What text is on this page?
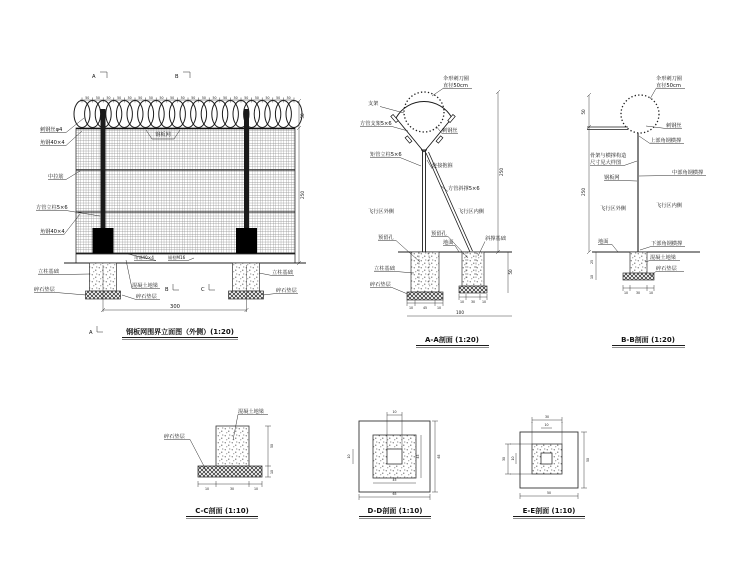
A	B
50 50 50 50 50 50 50 50 50 50 50 50 50 50 50 50 50 50 50 50
300
50
250
A
B	C
钢板网
刺钢丝φ4
角钢40×4
中拉筋
方管立柱5×6
角钢40×4
立柱基础
碎石垫层
立柱基础
碎石垫层
角钢40×4	锚栓M16
混凝土地梁
碎石垫层
钢板网围界立面图（外侧）(1:20)
250
50
10	45	10
10 30 10
100
伞形刺刀圈
直径50cm
支架
方管支架5×6
刺钢丝
矩管立柱5×6
连接抱箍
方管斜撑5×6
飞行区外侧	飞行区内侧
预留孔
预留孔
地面
斜撑基础
立柱基础
碎石垫层
A-A剖面 (1:20)
50
250
25
10
10 30	10
伞形刺刀圈
直径50cm
刺钢丝
上部角钢横撑
骨架与横撑构造
尺寸见大样图
钢板网
中部角钢横撑
飞行区外侧	飞行区内侧
地面	下部角钢横撑
混凝土地梁
碎石垫层
B-B剖面 (1:20)
混凝土地梁
碎石垫层
10	30	10
50
10
C-C剖面 (1:10)
10
10
45
65
45	65
D-D剖面 (1:10)
30
10
30 10
50
50
E-E剖面 (1:10)
